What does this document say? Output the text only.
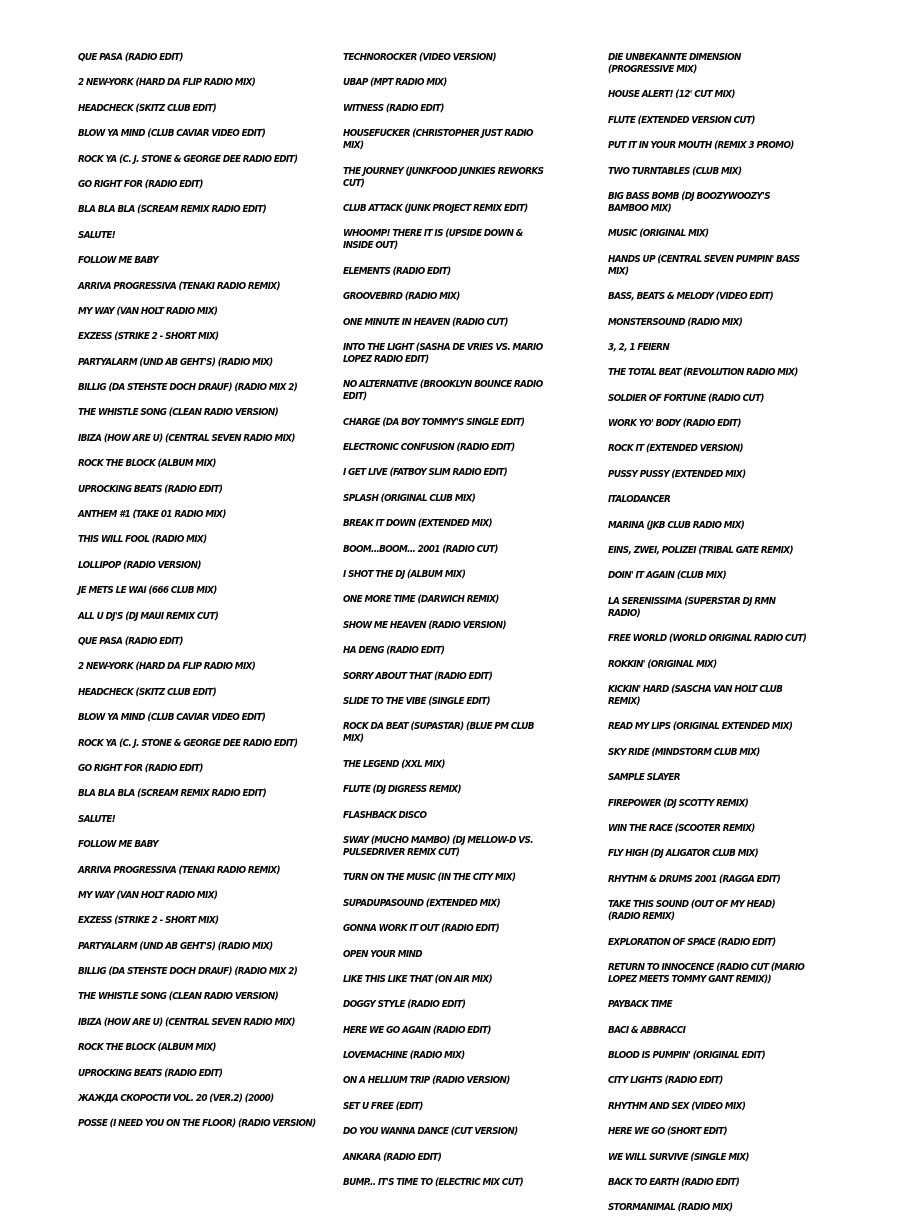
QUE PASA (RADIO EDIT)
2 NEW-YORK (HARD DA FLIP RADIO MIX)
HEADCHECK (SKITZ CLUB EDIT)
BLOW YA MIND (CLUB CAVIAR VIDEO EDIT)
ROCK YA (C. J. STONE & GEORGE DEE RADIO EDIT)
GO RIGHT FOR (RADIO EDIT)
BLA BLA BLA (SCREAM REMIX RADIO EDIT)
SALUTE!
FOLLOW ME BABY
ARRIVA PROGRESSIVA (TENAKI RADIO REMIX)
MY WAY (VAN HOLT RADIO MIX)
EXZESS (STRIKE 2 - SHORT MIX)
PARTYALARM (UND AB GEHT'S) (RADIO MIX)
BILLIG (DA STEHSTE DOCH DRAUF) (RADIO MIX 2)
THE WHISTLE SONG (CLEAN RADIO VERSION)
IBIZA (HOW ARE U) (CENTRAL SEVEN RADIO MIX)
ROCK THE BLOCK (ALBUM MIX)
UPROCKING BEATS (RADIO EDIT)
ANTHEM #1 (TAKE 01 RADIO MIX)
THIS WILL FOOL (RADIO MIX)
LOLLIPOP (RADIO VERSION)
JE METS LE WAI (666 CLUB MIX)
ALL U DJ'S (DJ MAUI REMIX CUT)
QUE PASA (RADIO EDIT)
2 NEW-YORK (HARD DA FLIP RADIO MIX)
HEADCHECK (SKITZ CLUB EDIT)
BLOW YA MIND (CLUB CAVIAR VIDEO EDIT)
ROCK YA (C. J. STONE & GEORGE DEE RADIO EDIT)
GO RIGHT FOR (RADIO EDIT)
BLA BLA BLA (SCREAM REMIX RADIO EDIT)
SALUTE!
FOLLOW ME BABY
ARRIVA PROGRESSIVA (TENAKI RADIO REMIX)
MY WAY (VAN HOLT RADIO MIX)
EXZESS (STRIKE 2 - SHORT MIX)
PARTYALARM (UND AB GEHT'S) (RADIO MIX)
BILLIG (DA STEHSTE DOCH DRAUF) (RADIO MIX 2)
THE WHISTLE SONG (CLEAN RADIO VERSION)
IBIZA (HOW ARE U) (CENTRAL SEVEN RADIO MIX)
ROCK THE BLOCK (ALBUM MIX)
UPROCKING BEATS (RADIO EDIT)
ЖАЖДА СКОРОСТИ VOL. 20 (VER.2) (2000)
POSSE (I NEED YOU ON THE FLOOR) (RADIO VERSION)
TECHNOROCKER (VIDEO VERSION)
UBAP (MPT RADIO MIX)
WITNESS (RADIO EDIT)
HOUSEFUCKER (CHRISTOPHER JUST RADIO MIX)
THE JOURNEY (JUNKFOOD JUNKIES REWORKS CUT)
CLUB ATTACK (JUNK PROJECT REMIX EDIT)
WHOOMP! THERE IT IS (UPSIDE DOWN & INSIDE OUT)
ELEMENTS (RADIO EDIT)
GROOVEBIRD (RADIO MIX)
ONE MINUTE IN HEAVEN (RADIO CUT)
INTO THE LIGHT (SASHA DE VRIES VS. MARIO LOPEZ RADIO EDIT)
NO ALTERNATIVE (BROOKLYN BOUNCE RADIO EDIT)
CHARGE (DA BOY TOMMY'S SINGLE EDIT)
ELECTRONIC CONFUSION (RADIO EDIT)
I GET LIVE (FATBOY SLIM RADIO EDIT)
SPLASH (ORIGINAL CLUB MIX)
BREAK IT DOWN (EXTENDED MIX)
BOOM...BOOM... 2001 (RADIO CUT)
I SHOT THE DJ (ALBUM MIX)
ONE MORE TIME (DARWICH REMIX)
SHOW ME HEAVEN (RADIO VERSION)
HA DENG (RADIO EDIT)
SORRY ABOUT THAT (RADIO EDIT)
SLIDE TO THE VIBE (SINGLE EDIT)
ROCK DA BEAT (SUPASTAR) (BLUE PM CLUB MIX)
THE LEGEND (XXL MIX)
FLUTE (DJ DIGRESS REMIX)
FLASHBACK DISCO
SWAY (MUCHO MAMBO) (DJ MELLOW-D VS. PULSEDRIVER REMIX CUT)
TURN ON THE MUSIC (IN THE CITY MIX)
SUPADUPASOUND (EXTENDED MIX)
GONNA WORK IT OUT (RADIO EDIT)
OPEN YOUR MIND
LIKE THIS LIKE THAT (ON AIR MIX)
DOGGY STYLE (RADIO EDIT)
HERE WE GO AGAIN (RADIO EDIT)
LOVEMACHINE (RADIO MIX)
ON A HELLIUM TRIP (RADIO VERSION)
SET U FREE (EDIT)
DO YOU WANNA DANCE (CUT VERSION)
ANKARA (RADIO EDIT)
BUMP... IT'S TIME TO (ELECTRIC MIX CUT)
DIE UNBEKANNTE DIMENSION (PROGRESSIVE MIX)
HOUSE ALERT! (12' CUT MIX)
FLUTE (EXTENDED VERSION CUT)
PUT IT IN YOUR MOUTH (REMIX 3 PROMO)
TWO TURNTABLES (CLUB MIX)
BIG BASS BOMB (DJ BOOZYWOOZY'S BAMBOO MIX)
MUSIC (ORIGINAL MIX)
HANDS UP (CENTRAL SEVEN PUMPIN' BASS MIX)
BASS, BEATS & MELODY (VIDEO EDIT)
MONSTERSOUND (RADIO MIX)
3, 2, 1 FEIERN
THE TOTAL BEAT (REVOLUTION RADIO MIX)
SOLDIER OF FORTUNE (RADIO CUT)
WORK YO' BODY (RADIO EDIT)
ROCK IT (EXTENDED VERSION)
PUSSY PUSSY (EXTENDED MIX)
ITALODANCER
MARINA (JKB CLUB RADIO MIX)
EINS, ZWEI, POLIZEI (TRIBAL GATE REMIX)
DOIN' IT AGAIN (CLUB MIX)
LA SERENISSIMA (SUPERSTAR DJ RMN RADIO)
FREE WORLD (WORLD ORIGINAL RADIO CUT)
ROKKIN' (ORIGINAL MIX)
KICKIN' HARD (SASCHA VAN HOLT CLUB REMIX)
READ MY LIPS (ORIGINAL EXTENDED MIX)
SKY RIDE (MINDSTORM CLUB MIX)
SAMPLE SLAYER
FIREPOWER (DJ SCOTTY REMIX)
WIN THE RACE (SCOOTER REMIX)
FLY HIGH (DJ ALIGATOR CLUB MIX)
RHYTHM & DRUMS 2001 (RAGGA EDIT)
TAKE THIS SOUND (OUT OF MY HEAD) (RADIO REMIX)
EXPLORATION OF SPACE (RADIO EDIT)
RETURN TO INNOCENCE (RADIO CUT (MARIO LOPEZ MEETS TOMMY GANT REMIX))
PAYBACK TIME
BACI & ABBRACCI
BLOOD IS PUMPIN' (ORIGINAL EDIT)
CITY LIGHTS (RADIO EDIT)
RHYTHM AND SEX (VIDEO MIX)
HERE WE GO (SHORT EDIT)
WE WILL SURVIVE (SINGLE MIX)
BACK TO EARTH (RADIO EDIT)
STORMANIMAL (RADIO MIX)
